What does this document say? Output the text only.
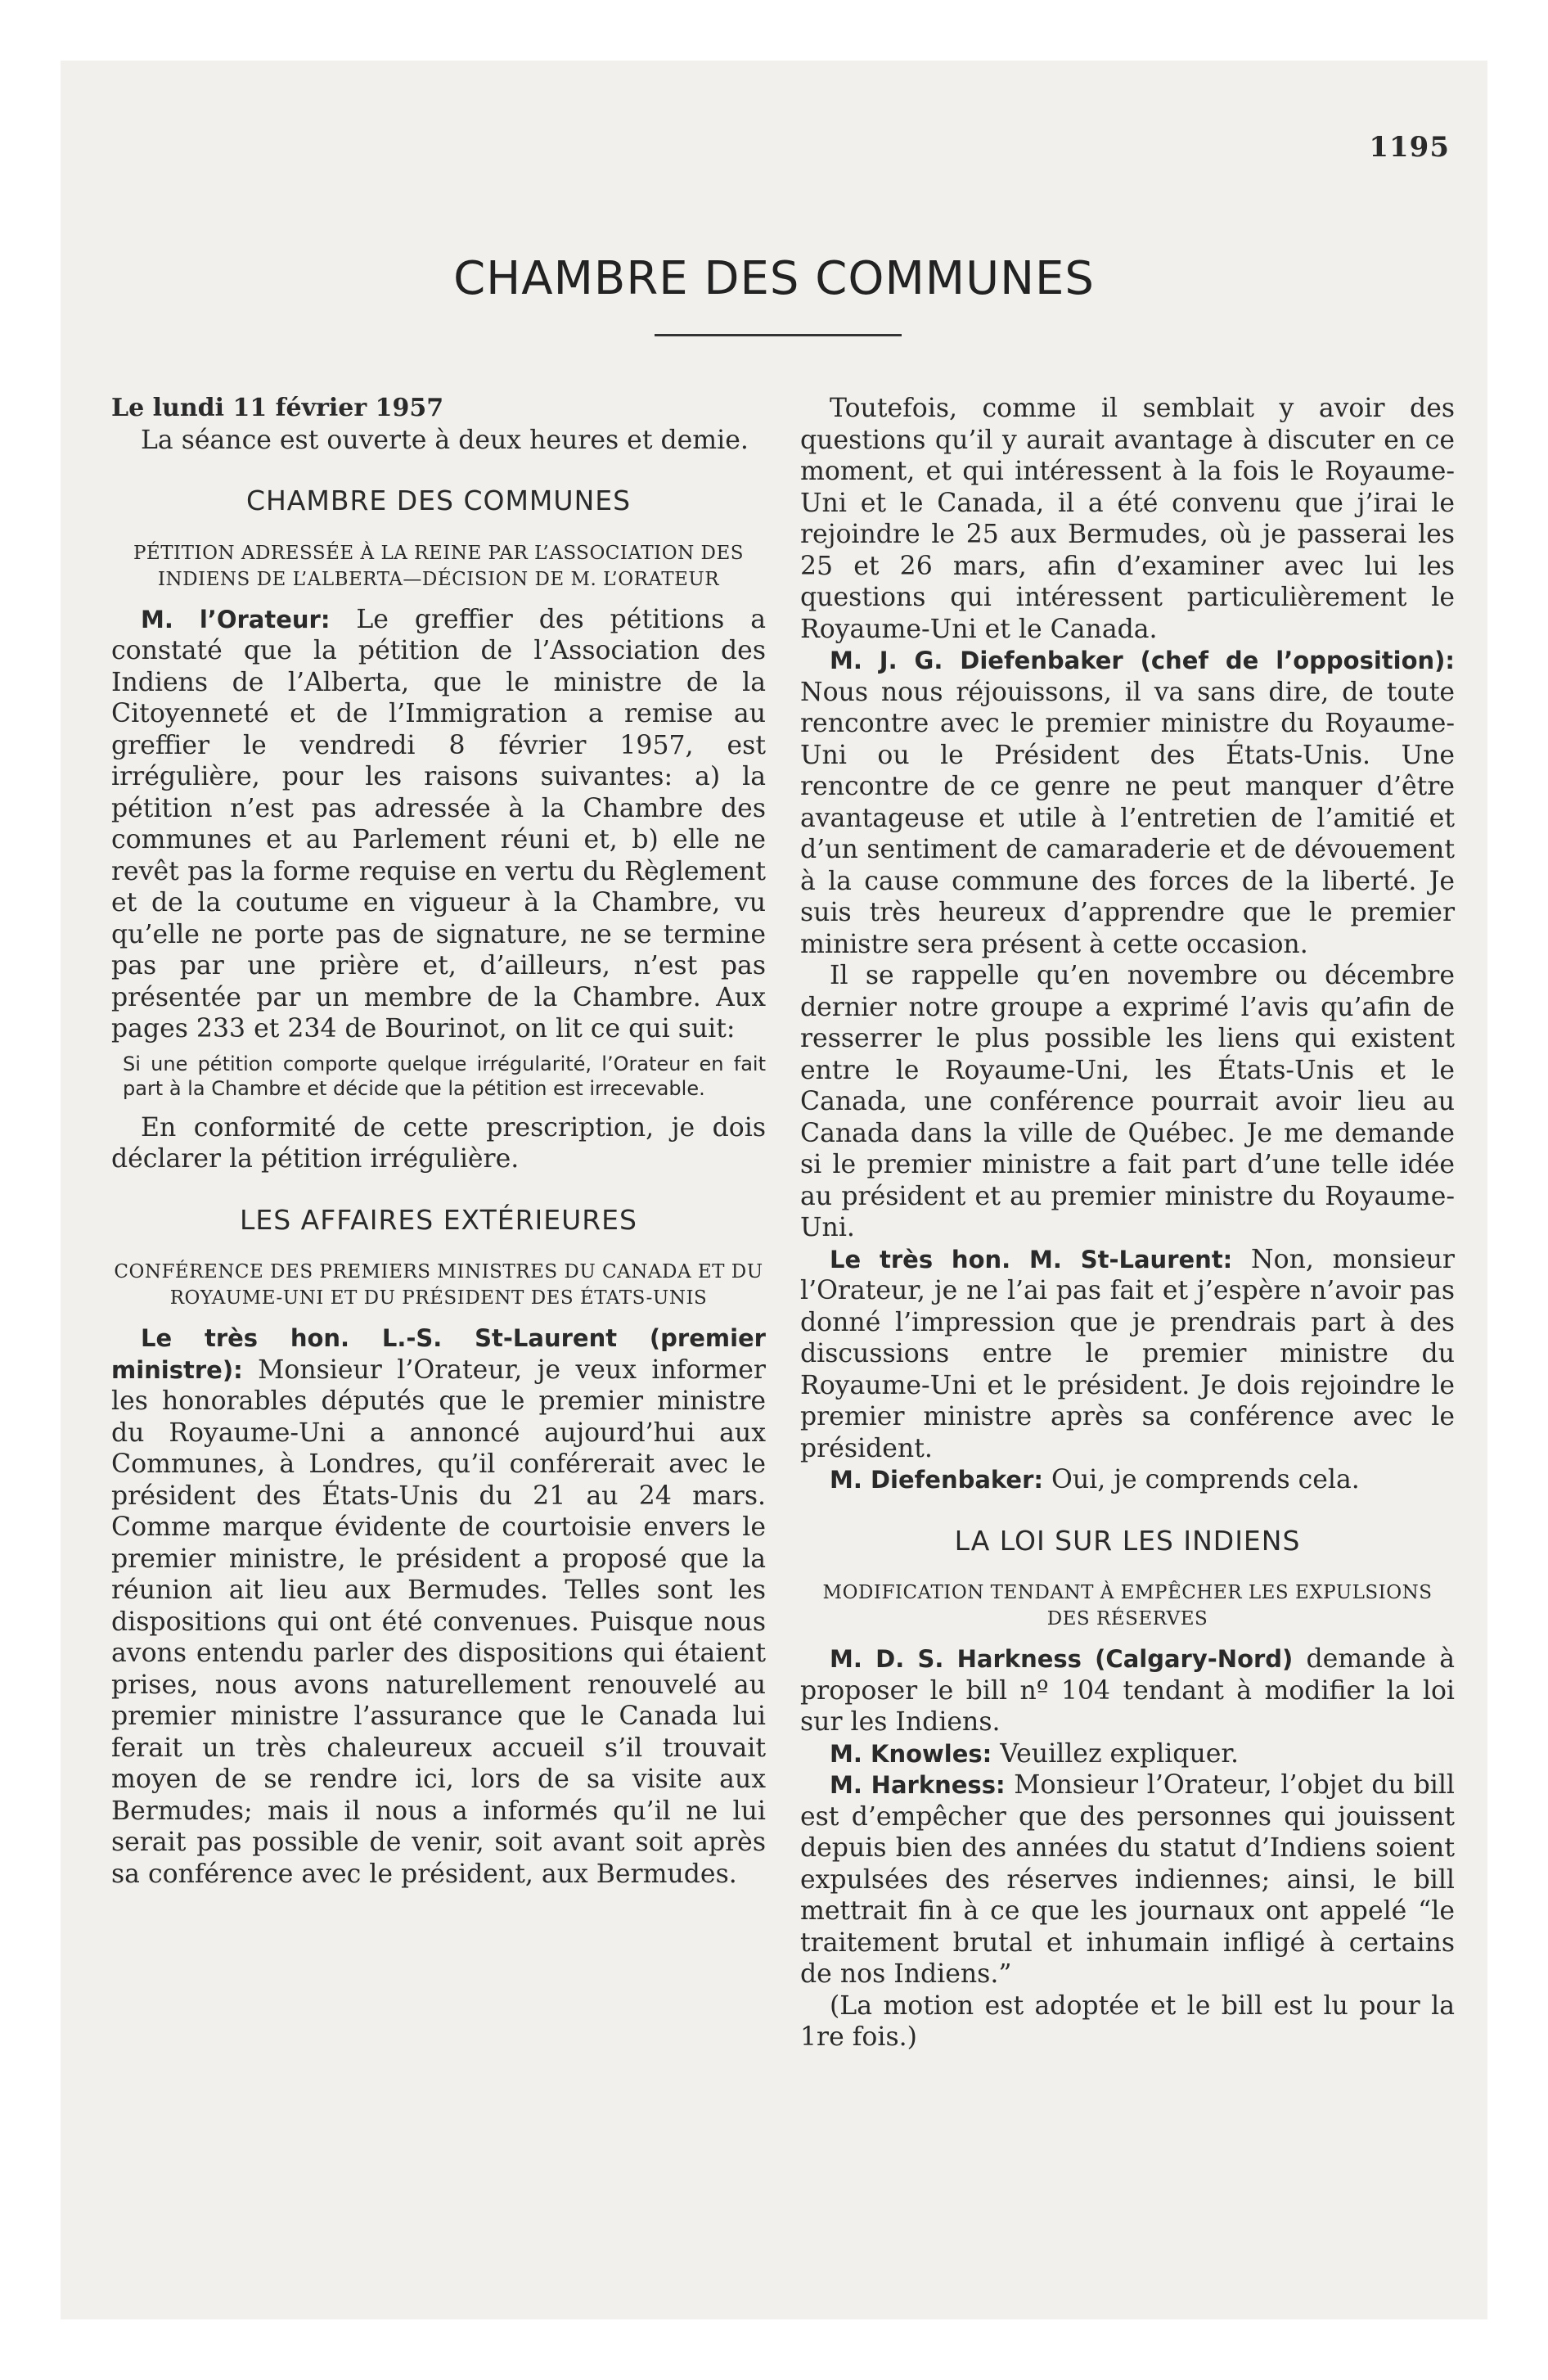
1195
CHAMBRE DES COMMUNES

Le lundi 11 février 1957

La séance est ouverte à deux heures et demie.

CHAMBRE DES COMMUNES
PÉTITION ADRESSÉE À LA REINE PAR L’ASSOCIATION DES INDIENS DE L’ALBERTA—DÉCISION DE M. L’ORATEUR

M. l’Orateur: Le greffier des pétitions a constaté que la pétition de l’Association des Indiens de l’Alberta, que le ministre de la Citoyenneté et de l’Immigration a remise au greffier le vendredi 8 février 1957, est irrégulière, pour les raisons suivantes: a) la pétition n’est pas adressée à la Chambre des communes et au Parlement réuni et, b) elle ne revêt pas la forme requise en vertu du Règlement et de la coutume en vigueur à la Chambre, vu qu’elle ne porte pas de signature, ne se termine pas par une prière et, d’ailleurs, n’est pas présentée par un membre de la Chambre. Aux pages 233 et 234 de Bourinot, on lit ce qui suit:

Si une pétition comporte quelque irrégularité, l’Orateur en fait part à la Chambre et décide que la pétition est irrecevable.

En conformité de cette prescription, je dois déclarer la pétition irrégulière.

LES AFFAIRES EXTÉRIEURES
CONFÉRENCE DES PREMIERS MINISTRES DU CANADA ET DU ROYAUME-UNI ET DU PRÉSIDENT DES ÉTATS-UNIS

Le très hon. L.-S. St-Laurent (premier ministre): Monsieur l’Orateur, je veux informer les honorables députés que le premier ministre du Royaume-Uni a annoncé aujourd’hui aux Communes, à Londres, qu’il conférerait avec le président des États-Unis du 21 au 24 mars. Comme marque évidente de courtoisie envers le premier ministre, le président a proposé que la réunion ait lieu aux Bermudes. Telles sont les dispositions qui ont été convenues. Puisque nous avons entendu parler des dispositions qui étaient prises, nous avons naturellement renouvelé au premier ministre l’assurance que le Canada lui ferait un très chaleureux accueil s’il trouvait moyen de se rendre ici, lors de sa visite aux Bermudes; mais il nous a informés qu’il ne lui serait pas possible de venir, soit avant soit après sa conférence avec le président, aux Bermudes.

Toutefois, comme il semblait y avoir des questions qu’il y aurait avantage à discuter en ce moment, et qui intéressent à la fois le Royaume-Uni et le Canada, il a été convenu que j’irai le rejoindre le 25 aux Bermudes, où je passerai les 25 et 26 mars, afin d’examiner avec lui les questions qui intéressent particulièrement le Royaume-Uni et le Canada.

M. J. G. Diefenbaker (chef de l’opposition): Nous nous réjouissons, il va sans dire, de toute rencontre avec le premier ministre du Royaume-Uni ou le Président des États-Unis. Une rencontre de ce genre ne peut manquer d’être avantageuse et utile à l’entretien de l’amitié et d’un sentiment de camaraderie et de dévouement à la cause commune des forces de la liberté. Je suis très heureux d’apprendre que le premier ministre sera présent à cette occasion.

Il se rappelle qu’en novembre ou décembre dernier notre groupe a exprimé l’avis qu’afin de resserrer le plus possible les liens qui existent entre le Royaume-Uni, les États-Unis et le Canada, une conférence pourrait avoir lieu au Canada dans la ville de Québec. Je me demande si le premier ministre a fait part d’une telle idée au président et au premier ministre du Royaume-Uni.

Le très hon. M. St-Laurent: Non, monsieur l’Orateur, je ne l’ai pas fait et j’espère n’avoir pas donné l’impression que je prendrais part à des discussions entre le premier ministre du Royaume-Uni et le président. Je dois rejoindre le premier ministre après sa conférence avec le président.

M. Diefenbaker: Oui, je comprends cela.

LA LOI SUR LES INDIENS
MODIFICATION TENDANT À EMPÊCHER LES EXPULSIONS DES RÉSERVES

M. D. S. Harkness (Calgary-Nord) demande à proposer le bill nº 104 tendant à modifier la loi sur les Indiens.

M. Knowles: Veuillez expliquer.

M. Harkness: Monsieur l’Orateur, l’objet du bill est d’empêcher que des personnes qui jouissent depuis bien des années du statut d’Indiens soient expulsées des réserves indiennes; ainsi, le bill mettrait fin à ce que les journaux ont appelé “le traitement brutal et inhumain infligé à certains de nos Indiens.”

(La motion est adoptée et le bill est lu pour la 1re fois.)
